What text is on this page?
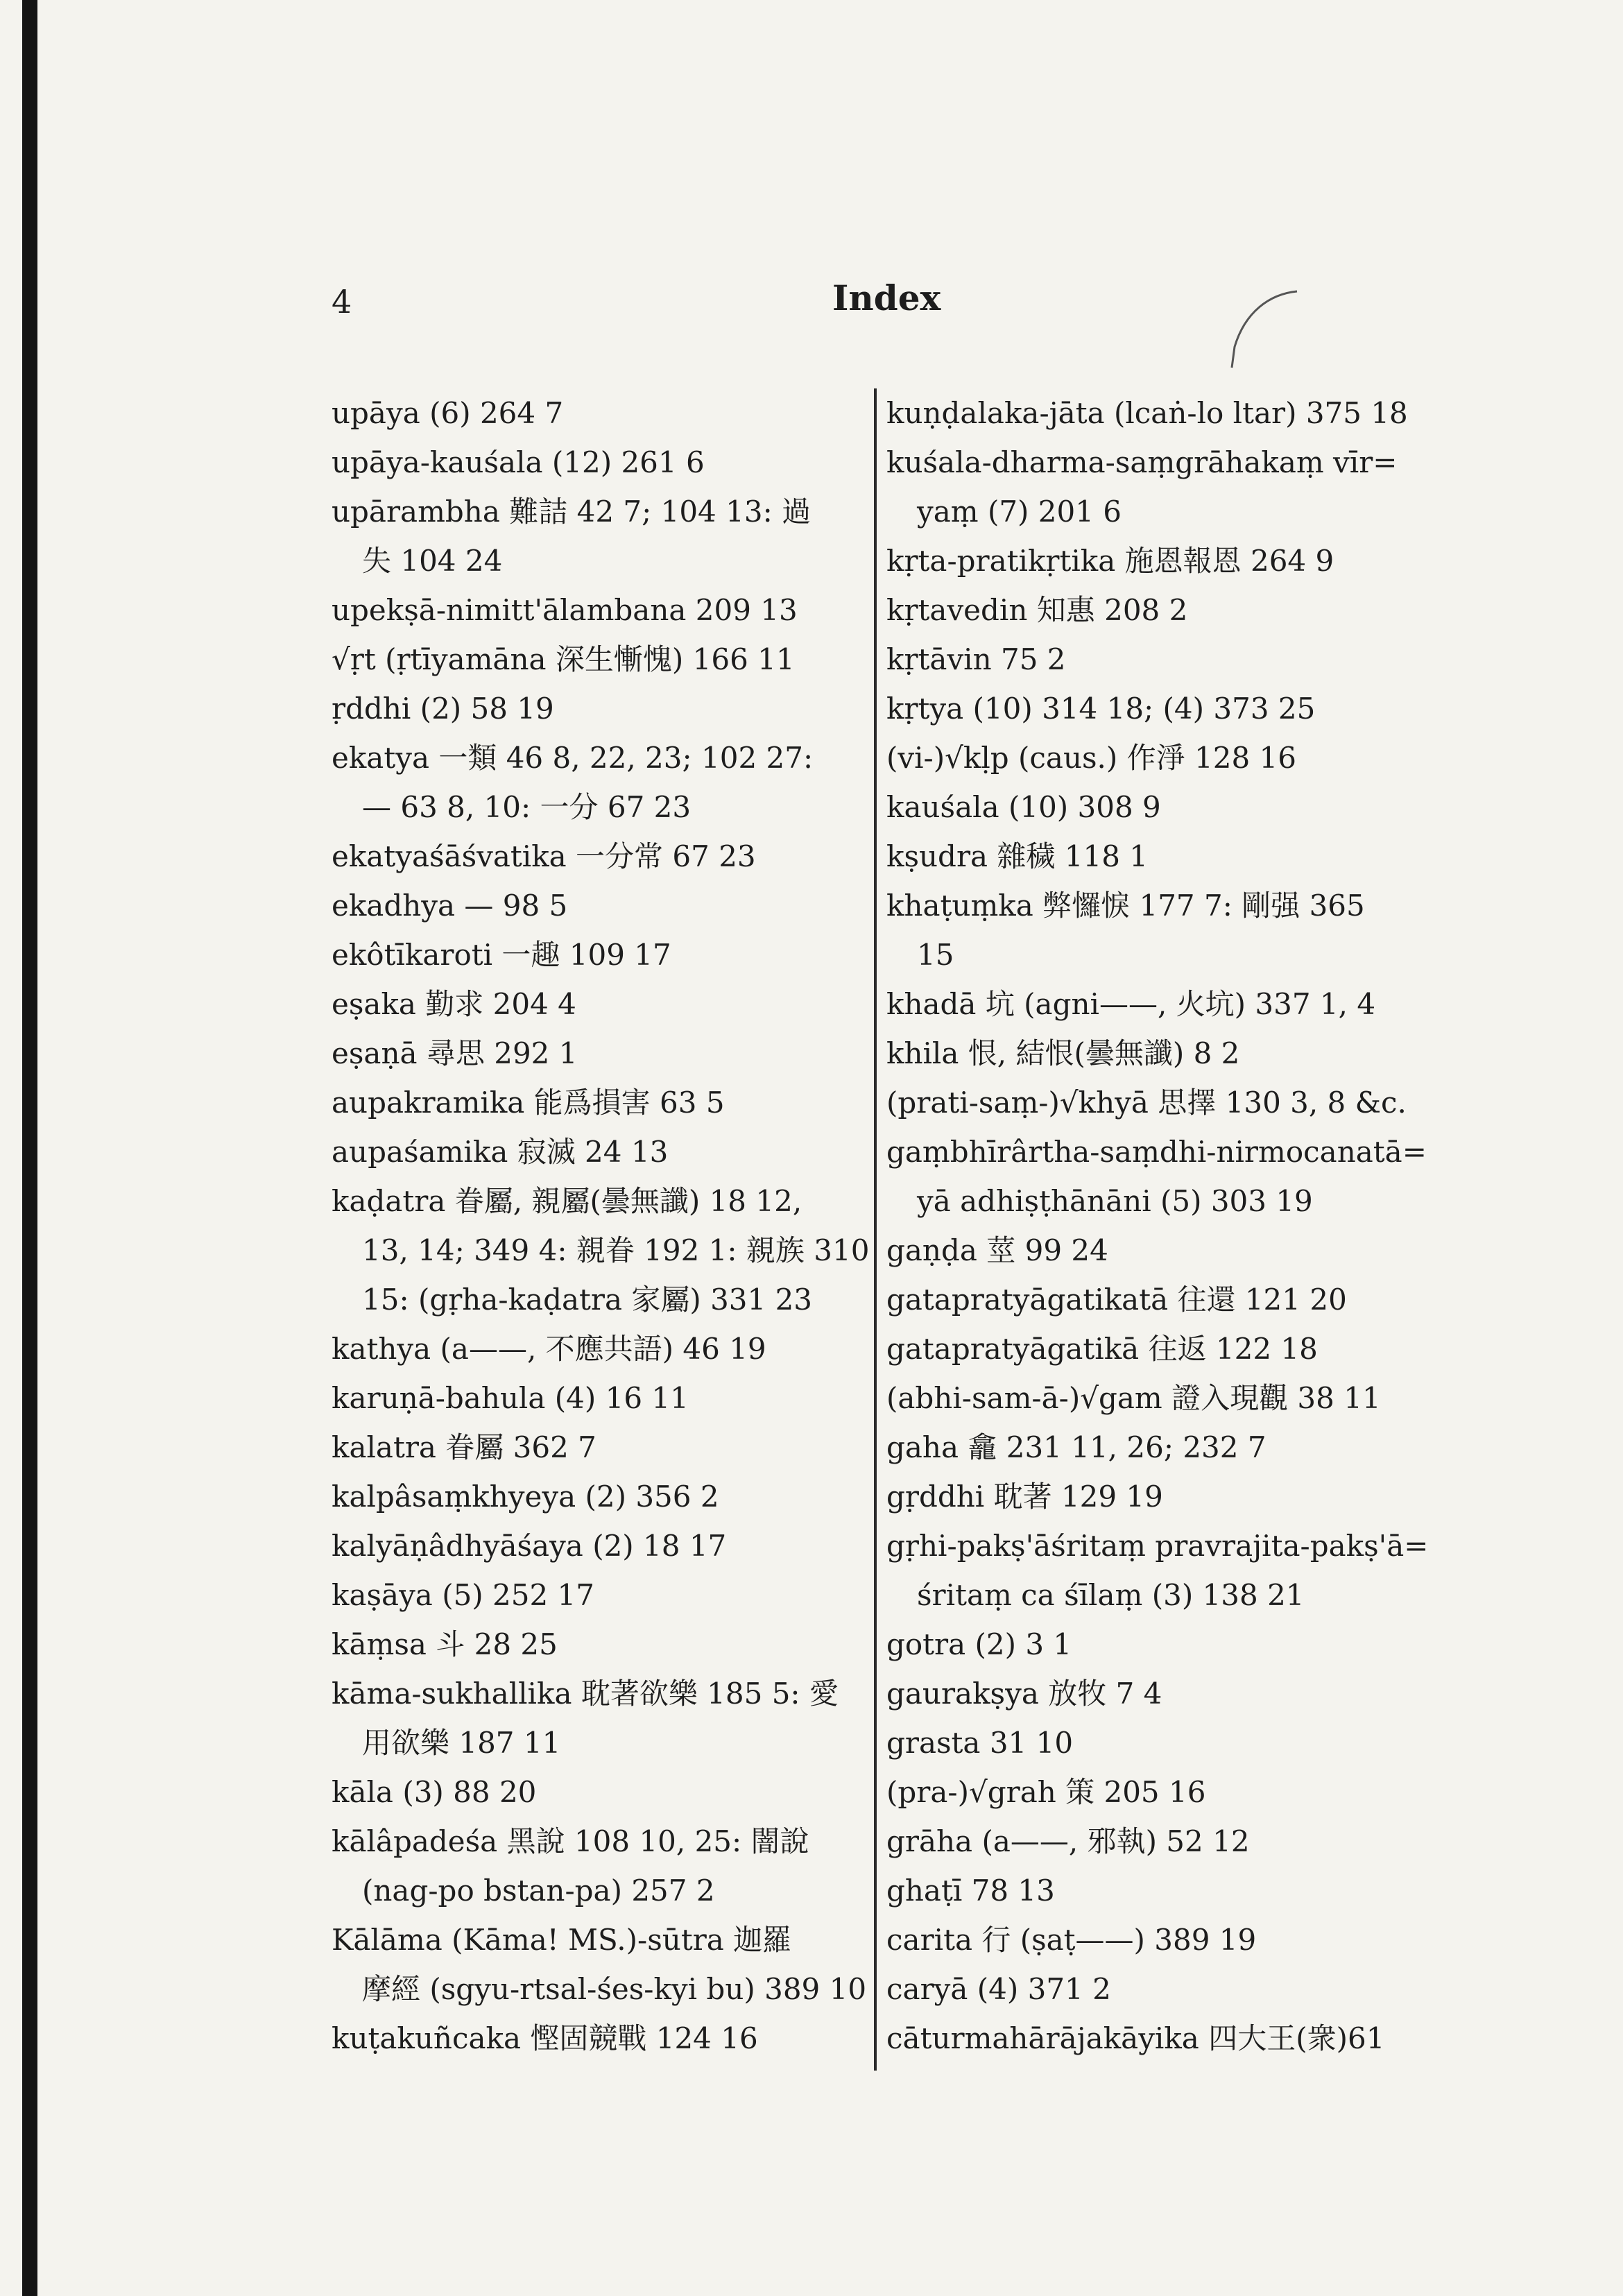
4	Index
upāya (6) 264 7
upāya-kauśala (12) 261 6
upārambha 難詰 42 7; 104 13: 過
失 104 24
upekṣā-nimitt'ālambana 209 13
√ṛt (ṛtīyamāna 深生慚愧) 166 11
ṛddhi (2) 58 19
ekatya 一類 46 8, 22, 23; 102 27:
— 63 8, 10: 一分 67 23
ekatyaśāśvatika 一分常 67 23
ekadhya — 98 5
ekôtīkaroti 一趣 109 17
eṣaka 勤求 204 4
eṣaṇā 尋思 292 1
aupakramika 能爲損害 63 5
aupaśamika 寂滅 24 13
kaḍatra 眷屬, 親屬(曇無讖) 18 12,
13, 14; 349 4: 親眷 192 1: 親族 310
15: (gṛha-kaḍatra 家屬) 331 23
kathya (a——, 不應共語) 46 19
karuṇā-bahula (4) 16 11
kalatra 眷屬 362 7
kalpâsaṃkhyeya (2) 356 2
kalyāṇâdhyāśaya (2) 18 17
kaṣāya (5) 252 17
kāṃsa 斗 28 25
kāma-sukhallika 耽著欲樂 185 5: 愛
用欲樂 187 11
kāla (3) 88 20
kālâpadeśa 黑說 108 10, 25: 闇說
(nag-po bstan-pa) 257 2
Kālāma (Kāma! MS.)-sūtra 迦羅
摩經 (sgyu-rtsal-śes-kyi bu) 389 10
kuṭakuñcaka 慳固競戰 124 16
kuṇḍalaka-jāta (lcaṅ-lo ltar) 375 18
kuśala-dharma-saṃgrāhakaṃ vīr=
yaṃ (7) 201 6
kṛta-pratikṛtika 施恩報恩 264 9
kṛtavedin 知惠 208 2
kṛtāvin 75 2
kṛtya (10) 314 18; (4) 373 25
(vi-)√kḷp (caus.) 作淨 128 16
kauśala (10) 308 9
kṣudra 雜穢 118 1
khaṭuṃka 弊㦬悷 177 7: 剛强 365
15
khadā 坑 (agni——, 火坑) 337 1, 4
khila 恨, 結恨(曇無讖) 8 2
(prati-saṃ-)√khyā 思擇 130 3, 8 &c.
gaṃbhīrârtha-saṃdhi-nirmocanatā=
yā adhiṣṭhānāni (5) 303 19
gaṇḍa 莖 99 24
gatapratyāgatikatā 往還 121 20
gatapratyāgatikā 往返 122 18
(abhi-sam-ā-)√gam 證入現觀 38 11
gaha 龕 231 11, 26; 232 7
gṛddhi 耽著 129 19
gṛhi-pakṣ'āśritaṃ pravrajita-pakṣ'ā=
śritaṃ ca śīlaṃ (3) 138 21
gotra (2) 3 1
gaurakṣya 放牧 7 4
grasta 31 10
(pra-)√grah 策 205 16
grāha (a——, 邪執) 52 12
ghaṭī 78 13
carita 行 (ṣaṭ——) 389 19
caryā (4) 371 2
cāturmahārājakāyika 四大王(衆)61
